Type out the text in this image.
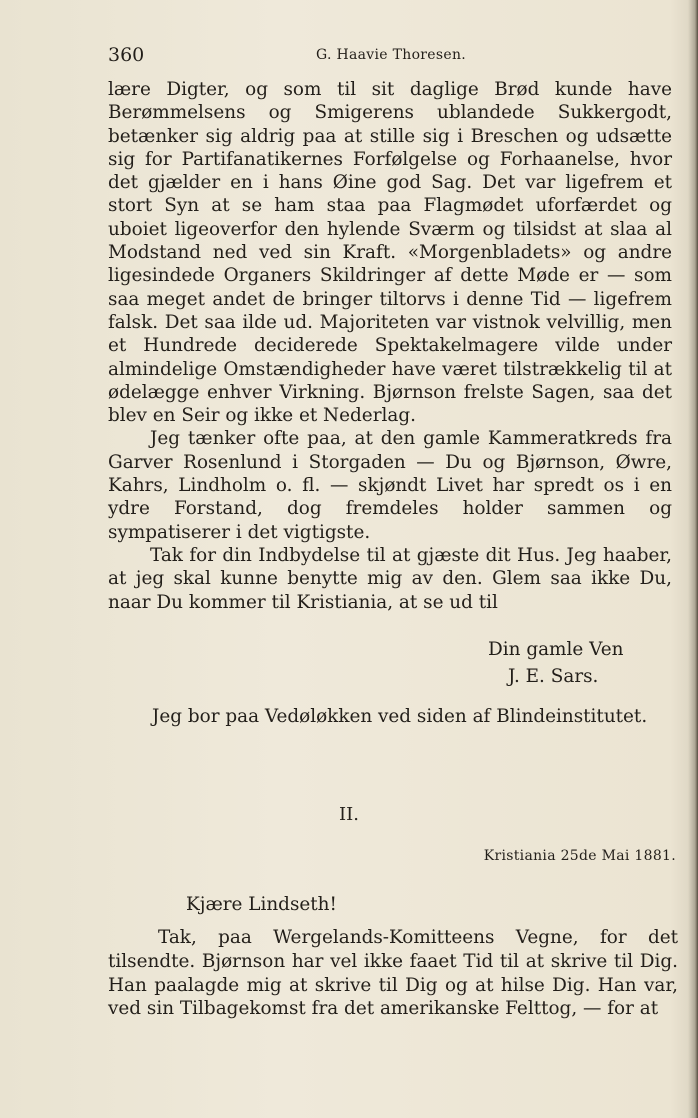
360	G. Haavie Thoresen.

lære Digter, og som til sit daglige Brød kunde have Berømmelsens og Smigerens ublandede Sukkergodt, betænker sig aldrig paa at stille sig i Breschen og udsætte sig for Partifanatikernes Forfølgelse og Forhaanelse, hvor det gjælder en i hans Øine god Sag. Det var ligefrem et stort Syn at se ham staa paa Flagmødet uforfærdet og uboiet ligeoverfor den hylende Sværm og tilsidst at slaa al Modstand ned ved sin Kraft. «Morgenbladets» og andre ligesindede Organers Skildringer af dette Møde er — som saa meget andet de bringer tiltorvs i denne Tid — ligefrem falsk. Det saa ilde ud. Majoriteten var vistnok velvillig, men et Hundrede deciderede Spektakelmagere vilde under almindelige Omstændigheder have været tilstrækkelig til at ødelægge enhver Virkning. Bjørnson frelste Sagen, saa det blev en Seir og ikke et Nederlag.

Jeg tænker ofte paa, at den gamle Kammeratkreds fra Garver Rosenlund i Storgaden — Du og Bjørnson, Øwre, Kahrs, Lindholm o. fl. — skjøndt Livet har spredt os i en ydre Forstand, dog fremdeles holder sammen og sympatiserer i det vigtigste.

Tak for din Indbydelse til at gjæste dit Hus. Jeg haaber, at jeg skal kunne benytte mig av den. Glem saa ikke Du, naar Du kommer til Kristiania, at se ud til

Din gamle Ven
J. E. Sars.
Jeg bor paa Vedøløkken ved siden af Blindeinstitutet.
II.
Kristiania 25de Mai 1881.
Kjære Lindseth!

Tak, paa Wergelands-Komitteens Vegne, for det tilsendte. Bjørnson har vel ikke faaet Tid til at skrive til Dig. Han paalagde mig at skrive til Dig og at hilse Dig. Han var, ved sin Tilbagekomst fra det amerikanske Felttog, — for at
